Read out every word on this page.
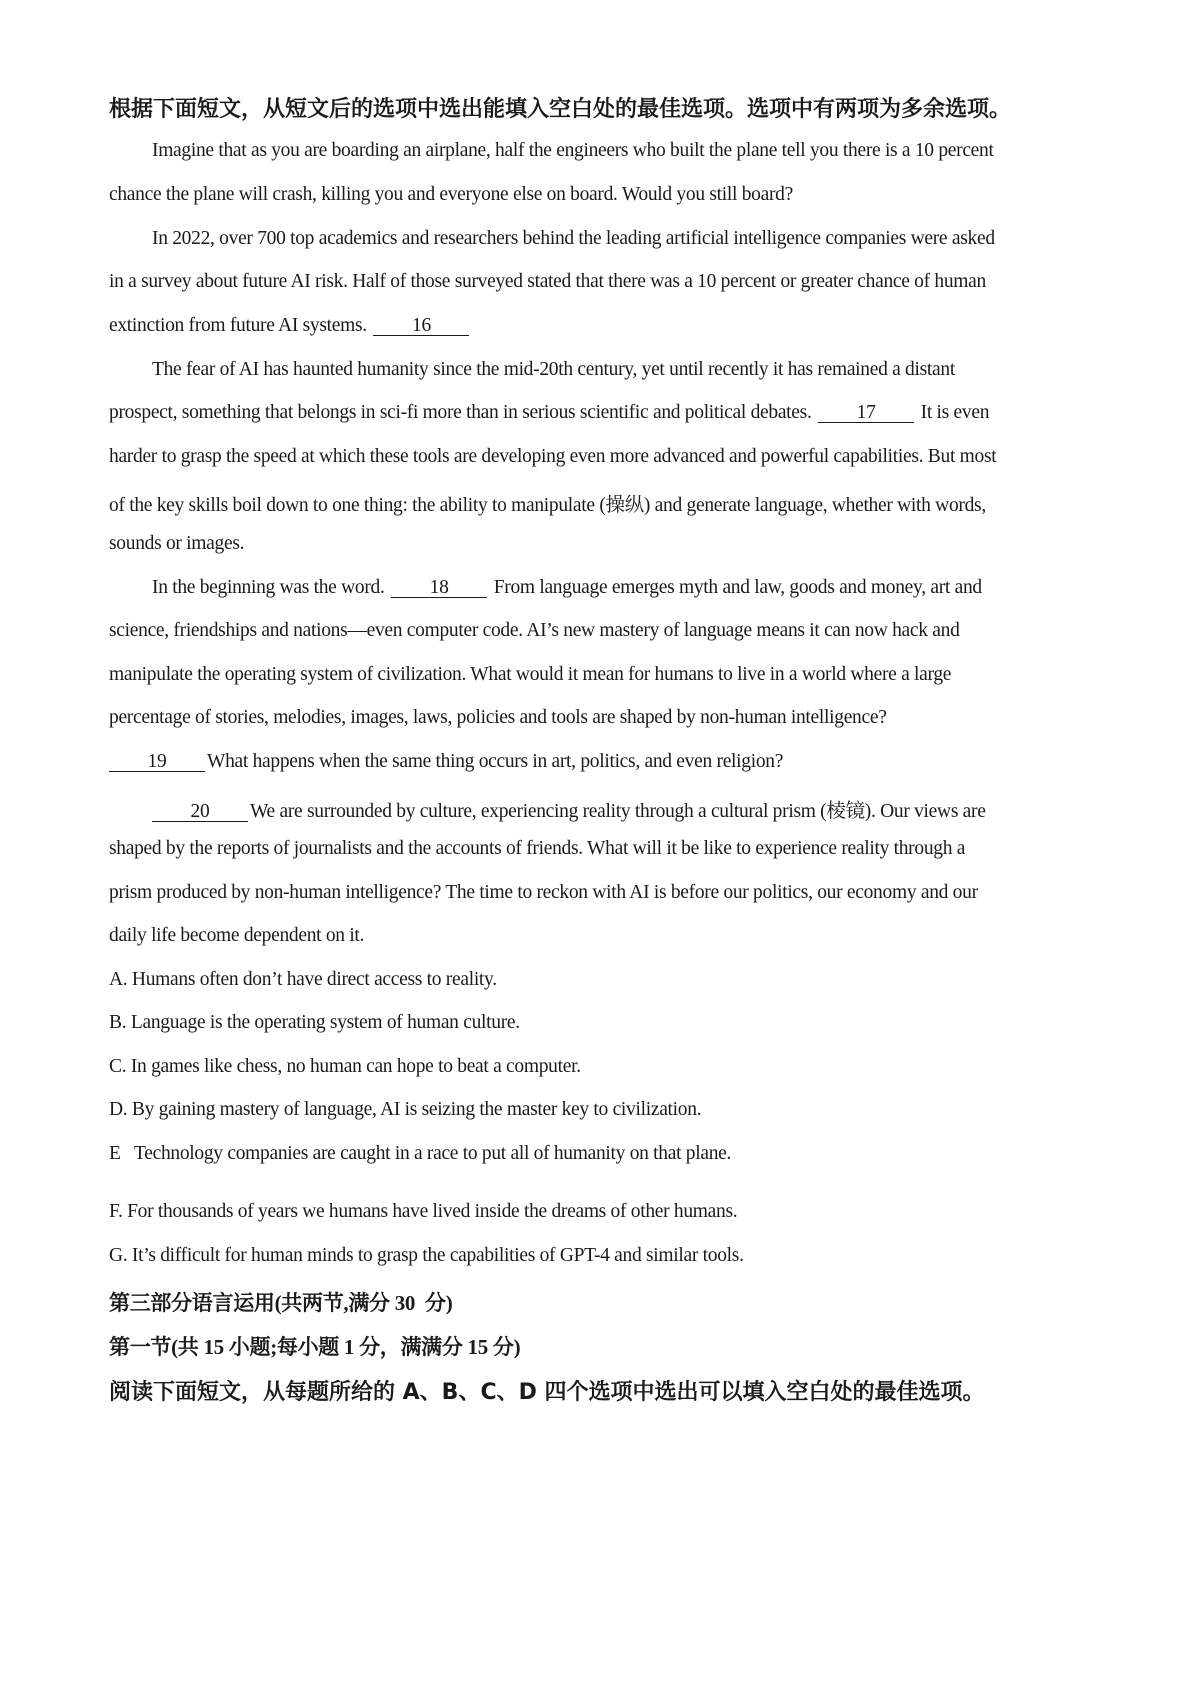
根据下面短文，从短文后的选项中选出能填入空白处的最佳选项。选项中有两项为多余选项。
Imagine that as you are boarding an airplane, half the engineers who built the plane tell you there is a 10 percent
chance the plane will crash, killing you and everyone else on board. Would you still board?
In 2022, over 700 top academics and researchers behind the leading artificial intelligence companies were asked
in a survey about future AI risk. Half of those surveyed stated that there was a 10 percent or greater chance of human
extinction from future AI systems. 16
The fear of AI has haunted humanity since the mid-20th century, yet until recently it has remained a distant
prospect, something that belongs in sci-fi more than in serious scientific and political debates. 17 It is even
harder to grasp the speed at which these tools are developing even more advanced and powerful capabilities. But most
of the key skills boil down to one thing: the ability to manipulate (操纵) and generate language, whether with words,
sounds or images.
In the beginning was the word. 18 From language emerges myth and law, goods and money, art and
science, friendships and nations—even computer code. AI’s new mastery of language means it can now hack and
manipulate the operating system of civilization. What would it mean for humans to live in a world where a large
percentage of stories, melodies, images, laws, policies and tools are shaped by non-human intelligence?
19 What happens when the same thing occurs in art, politics, and even religion?
20 We are surrounded by culture, experiencing reality through a cultural prism (棱镜). Our views are
shaped by the reports of journalists and the accounts of friends. What will it be like to experience reality through a
prism produced by non-human intelligence? The time to reckon with AI is before our politics, our economy and our
daily life become dependent on it.
A. Humans often don’t have direct access to reality.
B. Language is the operating system of human culture.
C. In games like chess, no human can hope to beat a computer.
D. By gaining mastery of language, AI is seizing the master key to civilization.
E   Technology companies are caught in a race to put all of humanity on that plane.
F. For thousands of years we humans have lived inside the dreams of other humans.
G. It’s difficult for human minds to grasp the capabilities of GPT-4 and similar tools.
第三部分语言运用(共两节,满分 30  分)
第一节(共 15 小题;每小题 1 分，满满分 15 分)
阅读下面短文，从每题所给的 A、B、C、D 四个选项中选出可以填入空白处的最佳选项。
